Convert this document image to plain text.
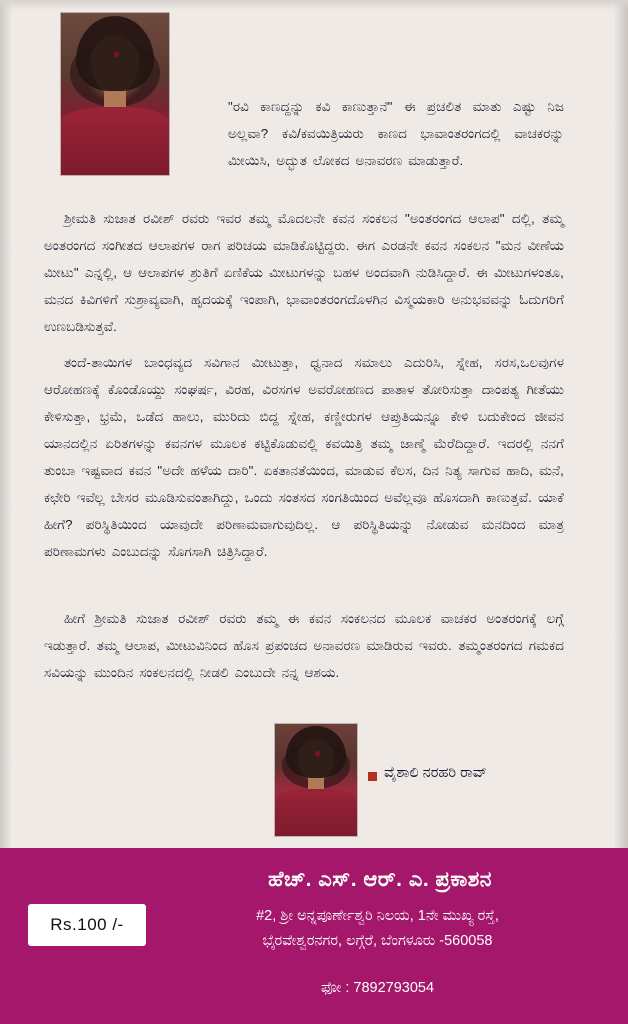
"ರವಿ ಕಾಣದ್ದನ್ನು ಕವಿ ಕಾಣುತ್ತಾನೆ" ಈ ಪ್ರಚಲಿತ ಮಾತು ಎಷ್ಟು ನಿಜ ಅಲ್ಲವಾ? ಕವಿ/ಕವಯಿತ್ರಿಯರು ಕಾಣದ ಭಾವಾಂತರಂಗದಲ್ಲಿ ವಾಚಕರನ್ನು ಮೀಯಿಸಿ, ಅದ್ಭುತ ಲೋಕದ ಅನಾವರಣ ಮಾಡುತ್ತಾರೆ.

ಶ್ರೀಮತಿ ಸುಜಾತ ರವೀಶ್ ರವರು ಇವರ ತಮ್ಮ ಮೊದಲನೇ ಕವನ ಸಂಕಲನ "ಅಂತರಂಗದ ಆಲಾಪ" ದಲ್ಲಿ, ತಮ್ಮ ಅಂತರಂಗದ ಸಂಗೀತದ ಆಲಾಪಗಳ ರಾಗ ಪರಿಚಯ ಮಾಡಿಕೊಟ್ಟಿದ್ದರು. ಈಗ ಎರಡನೇ ಕವನ ಸಂಕಲನ "ಮನ ವೀಣೆಯ ಮೀಟು" ಎನ್ನಲ್ಲಿ, ಆ ಆಲಾಪಗಳ ಶ್ರುತಿಗೆ ಏಣಿಕೆಯ ಮೀಟುಗಳನ್ನು ಬಹಳ ಅಂದವಾಗಿ ನುಡಿಸಿದ್ದಾರೆ. ಈ ಮೀಟುಗಳಂತೂ, ಮನದ ಕಿವಿಗಳಿಗೆ ಸುಶ್ರಾವ್ಯವಾಗಿ, ಹೃದಯಕ್ಕೆ ಇಂಪಾಗಿ, ಭಾವಾಂತರಂಗದೊಳಗಿನ ವಿಸ್ಮಯಕಾರಿ ಅನುಭವವನ್ನು ಓದುಗರಿಗೆ ಉಣಬಡಿಸುತ್ತವೆ.

ತಂದೆ-ತಾಯಿಗಳ ಬಾಂಧವ್ಯದ ಸವಿಗಾನ ಮೀಟುತ್ತಾ, ಧ್ವನಾದ ಸಮಾಲು ಎದುರಿಸಿ, ಸ್ನೇಹ, ಸರಸ,ಒಲವುಗಳ ಆರೋಹಣಕ್ಕೆ ಕೊಂಡೊಯ್ದು ಸಂಘರ್ಷ, ವಿರಹ, ವಿರಸಗಳ ಅವರೋಹಣದ ಪಾತಾಳ ತೋರಿಸುತ್ತಾ ದಾಂಪತ್ಯ ಗೀತೆಯು ಕೇಳಿಸುತ್ತಾ, ಭ್ರಮೆ, ಒಡೆದ ಹಾಲು, ಮುರಿದು ಬಿದ್ದ ಸ್ನೇಹ, ಕಣ್ಣೀರುಗಳ ಆಪ್ರುತಿಯನ್ನೂ ಕೇಳಿ ಬದುಕೇಂದ ಜೀವನ ಯಾನದಲ್ಲಿನ ಏರಿತಗಳನ್ನು ಕವನಗಳ ಮೂಲಕ ಕಟ್ಟಿಕೊಡುವಲ್ಲಿ ಕವಯಿತ್ರಿ ತಮ್ಮ ಜಾಣ್ಮೆ ಮೆರೆದಿದ್ದಾರೆ. ಇದರಲ್ಲಿ ನನಗೆ ತುಂಬಾ ಇಷ್ಟವಾದ ಕವನ "ಅದೇ ಹಳೆಯ ದಾರಿ". ಏಕತಾನತೆಯಿಂದ, ಮಾಡುವ ಕೆಲಸ, ದಿನ ನಿತ್ಯ ಸಾಗುವ ಹಾದಿ, ಮನೆ, ಕಛೇರಿ ಇವೆಲ್ಲ ಬೇಸರ ಮೂಡಿಸುವಂತಾಗಿದ್ದು, ಒಂದು ಸಂತಸದ ಸಂಗತಿಯಿಂದ ಅವೆಲ್ಲವೂ ಹೊಸದಾಗಿ ಕಾಣುತ್ತವೆ. ಯಾಕೆ ಹೀಗೆ? ಪರಿಸ್ಥಿತಿಯಿಂದ ಯಾವುದೇ ಪರಿಣಾಮವಾಗುವುದಿಲ್ಲ. ಆ ಪರಿಸ್ಥಿತಿಯನ್ನು ನೋಡುವ ಮನದಿಂದ ಮಾತ್ರ ಪರಿಣಾಮಗಳು ಎಂಬುದನ್ನು ಸೊಗಸಾಗಿ ಚಿತ್ರಿಸಿದ್ದಾರೆ.

ಹೀಗೆ ಶ್ರೀಮತಿ ಸುಜಾತ ರವೀಶ್ ರವರು ತಮ್ಮ ಈ ಕವನ ಸಂಕಲನದ ಮೂಲಕ ವಾಚಕರ ಅಂತರಂಗಕ್ಕೆ ಲಗ್ಗೆ ಇಡುತ್ತಾರೆ. ತಮ್ಮ ಆಲಾಪ, ಮೀಟುವಿನಿಂದ ಹೊಸ ಪ್ರಪಂಚದ ಅನಾವರಣ ಮಾಡಿರುವ ಇವರು. ತಮ್ಮಂತರಂಗದ ಗಮಕದ ಸವಿಯನ್ನು ಮುಂದಿನ ಸಂಕಲನದಲ್ಲಿ ನೀಡಲಿ ಎಂಬುದೇ ನನ್ನ ಆಶಯ.

ವೈಶಾಲಿ ನರಹರಿ ರಾವ್
Rs.100 /-
ಹೆಚ್. ಎಸ್. ಆರ್. ಎ. ಪ್ರಕಾಶನ
#2, ಶ್ರೀ ಅನ್ನಪೂರ್ಣೇಶ್ವರಿ ನಿಲಯ, 1ನೇ ಮುಖ್ಯ ರಸ್ತೆ,
ಭೈರವೇಶ್ವರನಗರ, ಲಗ್ಗೆರೆ, ಬೆಂಗಳೂರು -560058
ಫೋ : 7892793054
